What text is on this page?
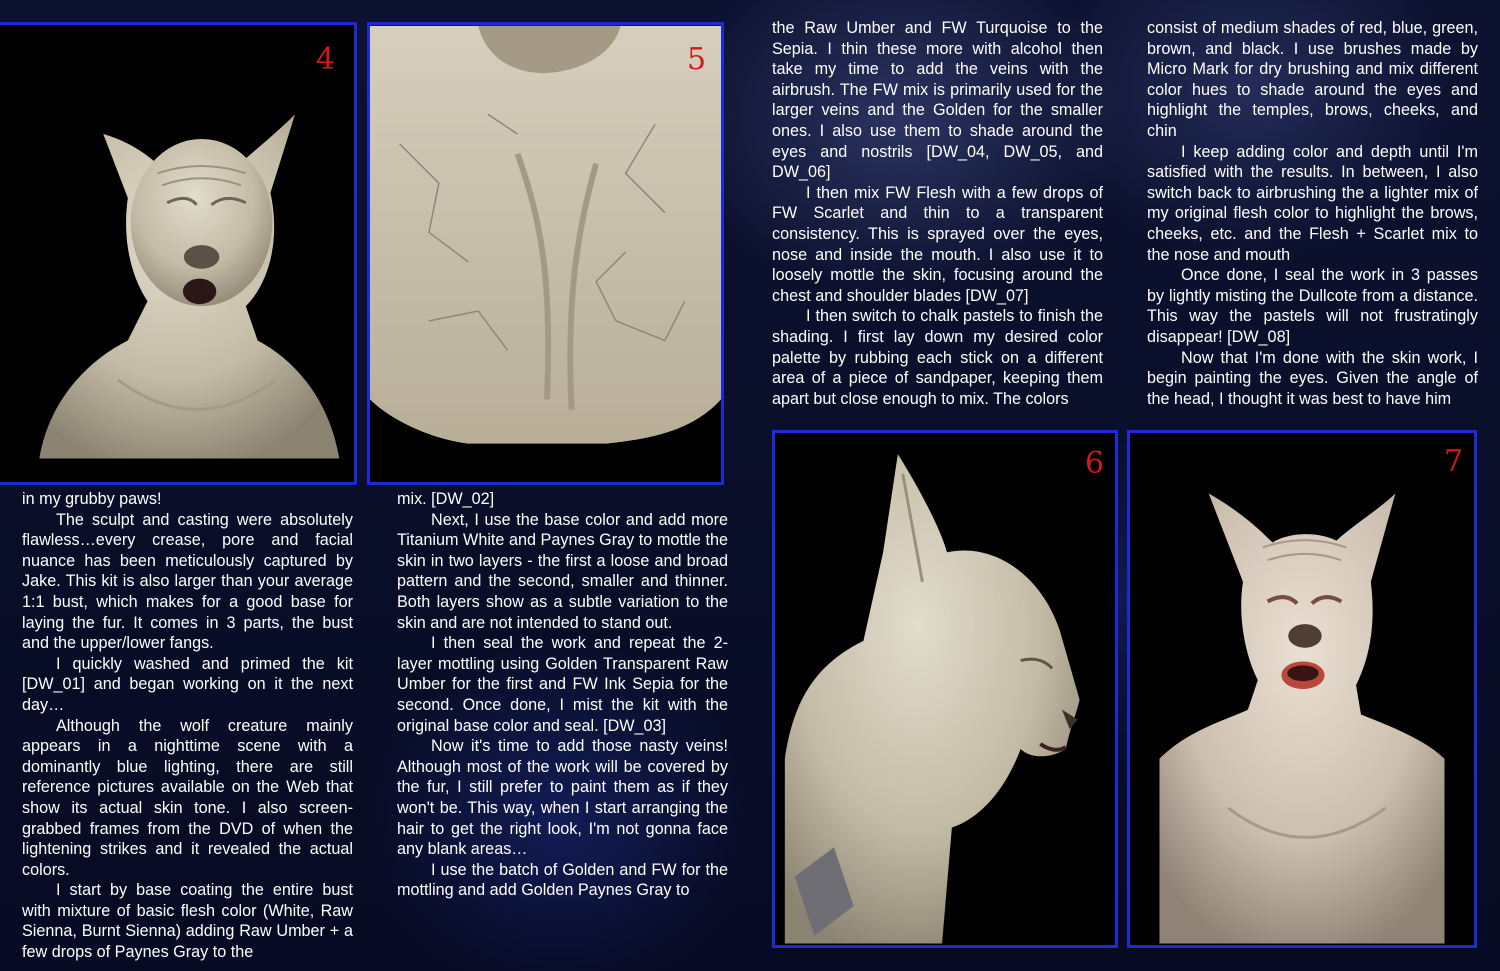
4	5
6	7

in my grubby paws!

The sculpt and casting were absolutely flawless…every crease, pore and facial nuance has been meticulously captured by Jake. This kit is also larger than your average 1:1 bust, which makes for a good base for laying the fur. It comes in 3 parts, the bust and the upper/lower fangs.

I quickly washed and primed the kit [DW_01] and began working on it the next day…

Although the wolf creature mainly appears in a nighttime scene with a dominantly blue lighting, there are still reference pictures available on the Web that show its actual skin tone. I also screen-grabbed frames from the DVD of when the lightening strikes and it revealed the actual colors.

I start by base coating the entire bust with mixture of basic flesh color (White, Raw Sienna, Burnt Sienna) adding Raw Umber + a few drops of Paynes Gray to the

mix. [DW_02]

Next, I use the base color and add more Titanium White and Paynes Gray to mottle the skin in two layers - the first a loose and broad pattern and the second, smaller and thinner. Both layers show as a subtle variation to the skin and are not intended to stand out.

I then seal the work and repeat the 2-layer mottling using Golden Transparent Raw Umber for the first and FW Ink Sepia for the second. Once done, I mist the kit with the original base color and seal. [DW_03]

Now it's time to add those nasty veins! Although most of the work will be covered by the fur, I still prefer to paint them as if they won't be. This way, when I start arranging the hair to get the right look, I'm not gonna face any blank areas…

I use the batch of Golden and FW for the mottling and add Golden Paynes Gray to

the Raw Umber and FW Turquoise to the Sepia. I thin these more with alcohol then take my time to add the veins with the airbrush. The FW mix is primarily used for the larger veins and the Golden for the smaller ones. I also use them to shade around the eyes and nostrils [DW_04, DW_05, and DW_06]

I then mix FW Flesh with a few drops of FW Scarlet and thin to a transparent consistency. This is sprayed over the eyes, nose and inside the mouth. I also use it to loosely mottle the skin, focusing around the chest and shoulder blades [DW_07]

I then switch to chalk pastels to finish the shading. I first lay down my desired color palette by rubbing each stick on a different area of a piece of sandpaper, keeping them apart but close enough to mix. The colors

consist of medium shades of red, blue, green, brown, and black. I use brushes made by Micro Mark for dry brushing and mix different color hues to shade around the eyes and highlight the temples, brows, cheeks, and chin

I keep adding color and depth until I'm satisfied with the results. In between, I also switch back to airbrushing the a lighter mix of my original flesh color to highlight the brows, cheeks, etc. and the Flesh + Scarlet mix to the nose and mouth

Once done, I seal the work in 3 passes by lightly misting the Dullcote from a distance. This way the pastels will not frustratingly disappear! [DW_08]

Now that I'm done with the skin work, I begin painting the eyes. Given the angle of the head, I thought it was best to have him
